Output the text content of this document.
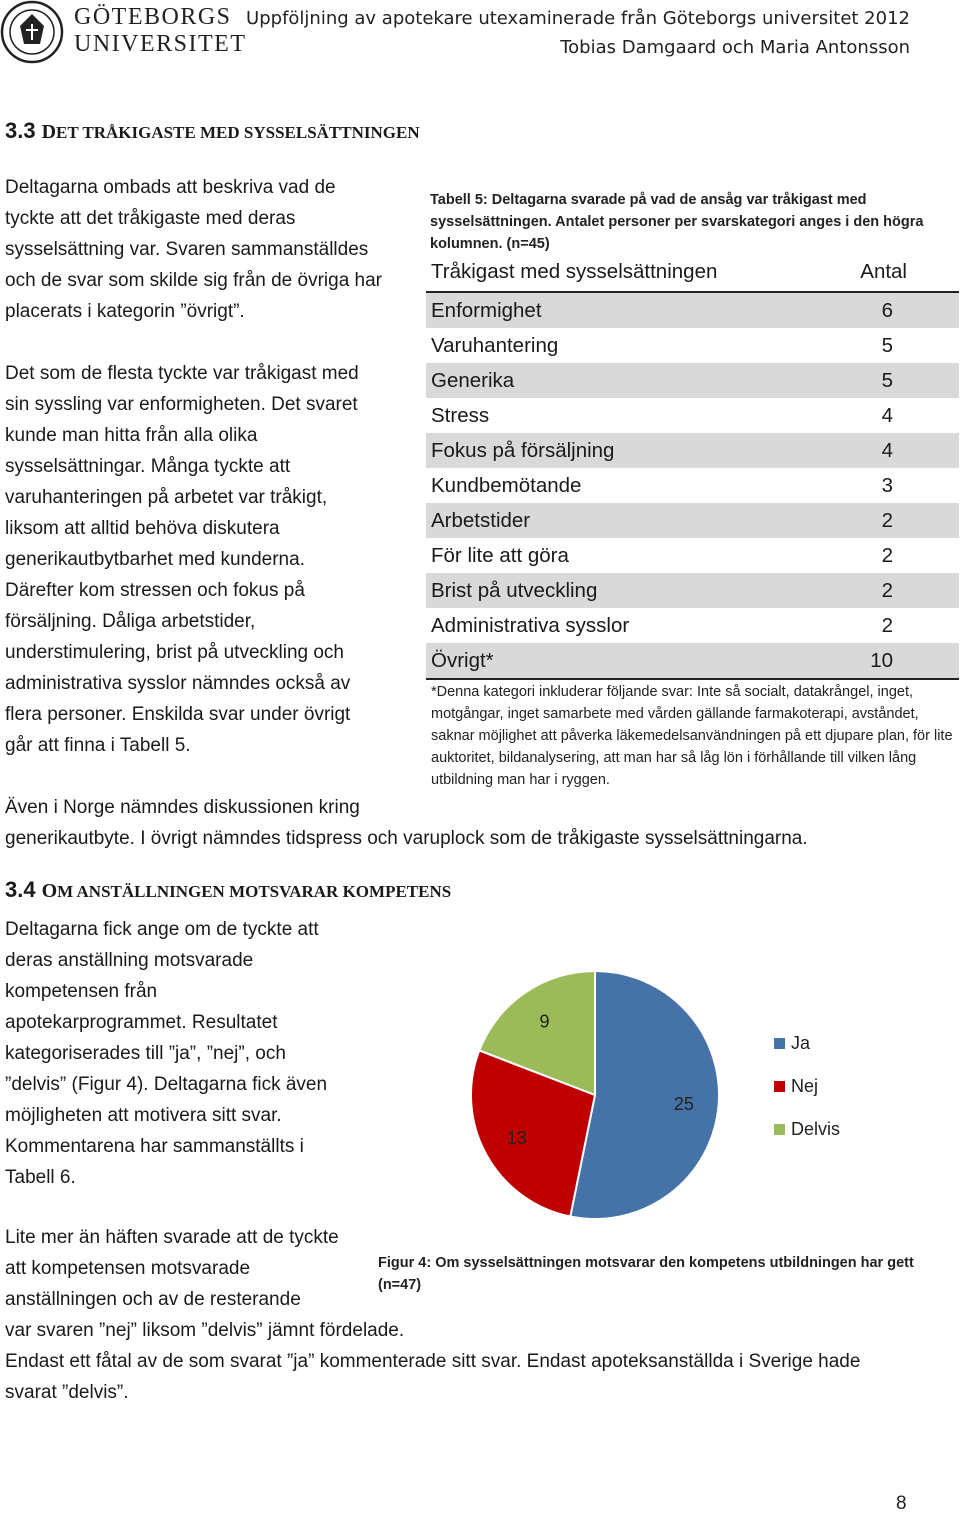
GÖTEBORGS
UNIVERSITET
Uppföljning av apotekare utexaminerade från Göteborgs universitet 2012
Tobias Damgaard och Maria Antonsson
3.3 DET TRÅKIGASTE MED SYSSELSÄTTNINGEN

Deltagarna ombads att beskriva vad de

tyckte att det tråkigaste med deras

sysselsättning var. Svaren sammanställdes

och de svar som skilde sig från de övriga har

placerats i kategorin ”övrigt”.

Det som de flesta tyckte var tråkigast med

sin syssling var enformigheten. Det svaret

kunde man hitta från alla olika

sysselsättningar. Många tyckte att

varuhanteringen på arbetet var tråkigt,

liksom att alltid behöva diskutera

generikautbytbarhet med kunderna.

Därefter kom stressen och fokus på

försäljning. Dåliga arbetstider,

understimulering, brist på utveckling och

administrativa sysslor nämndes också av

flera personer. Enskilda svar under övrigt

går att finna i Tabell 5.

Även i Norge nämndes diskussionen kring

generikautbyte. I övrigt nämndes tidspress och varuplock som de tråkigaste sysselsättningarna.

Tabell 5: Deltagarna svarade på vad de ansåg var tråkigast med sysselsättningen. Antalet personer per svarskategori anges i den högra kolumnen. (n=45)
Tråkigast med sysselsättningen	Antal
Enformighet	6
Varuhantering	5
Generika	5
Stress	4
Fokus på försäljning	4
Kundbemötande	3
Arbetstider	2
För lite att göra	2
Brist på utveckling	2
Administrativa sysslor	2
Övrigt*	10
*Denna kategori inkluderar följande svar: Inte så socialt, datakrångel, inget, motgångar, inget samarbete med vården gällande farmakoterapi, avståndet, saknar möjlighet att påverka läkemedelsanvändningen på ett djupare plan, för lite auktoritet, bildanalysering, att man har så låg lön i förhållande till vilken lång utbildning man har i ryggen.
3.4 OM ANSTÄLLNINGEN MOTSVARAR KOMPETENS

Deltagarna fick ange om de tyckte att

deras anställning motsvarade

kompetensen från

apotekarprogrammet. Resultatet

kategoriserades till ”ja”, ”nej”, och

”delvis” (Figur 4). Deltagarna fick även

möjligheten att motivera sitt svar.

Kommentarena har sammanställts i

Tabell 6.

25
13
9
Ja
Nej
Delvis
Figur 4: Om sysselsättningen motsvarar den kompetens utbildningen har gett (n=47)

Lite mer än häften svarade att de tyckte

att kompetensen motsvarade

anställningen och av de resterande

var svaren ”nej” liksom ”delvis” jämnt fördelade.

Endast ett fåtal av de som svarat ”ja” kommenterade sitt svar. Endast apoteksanställda i Sverige hade

svarat ”delvis”.

8
